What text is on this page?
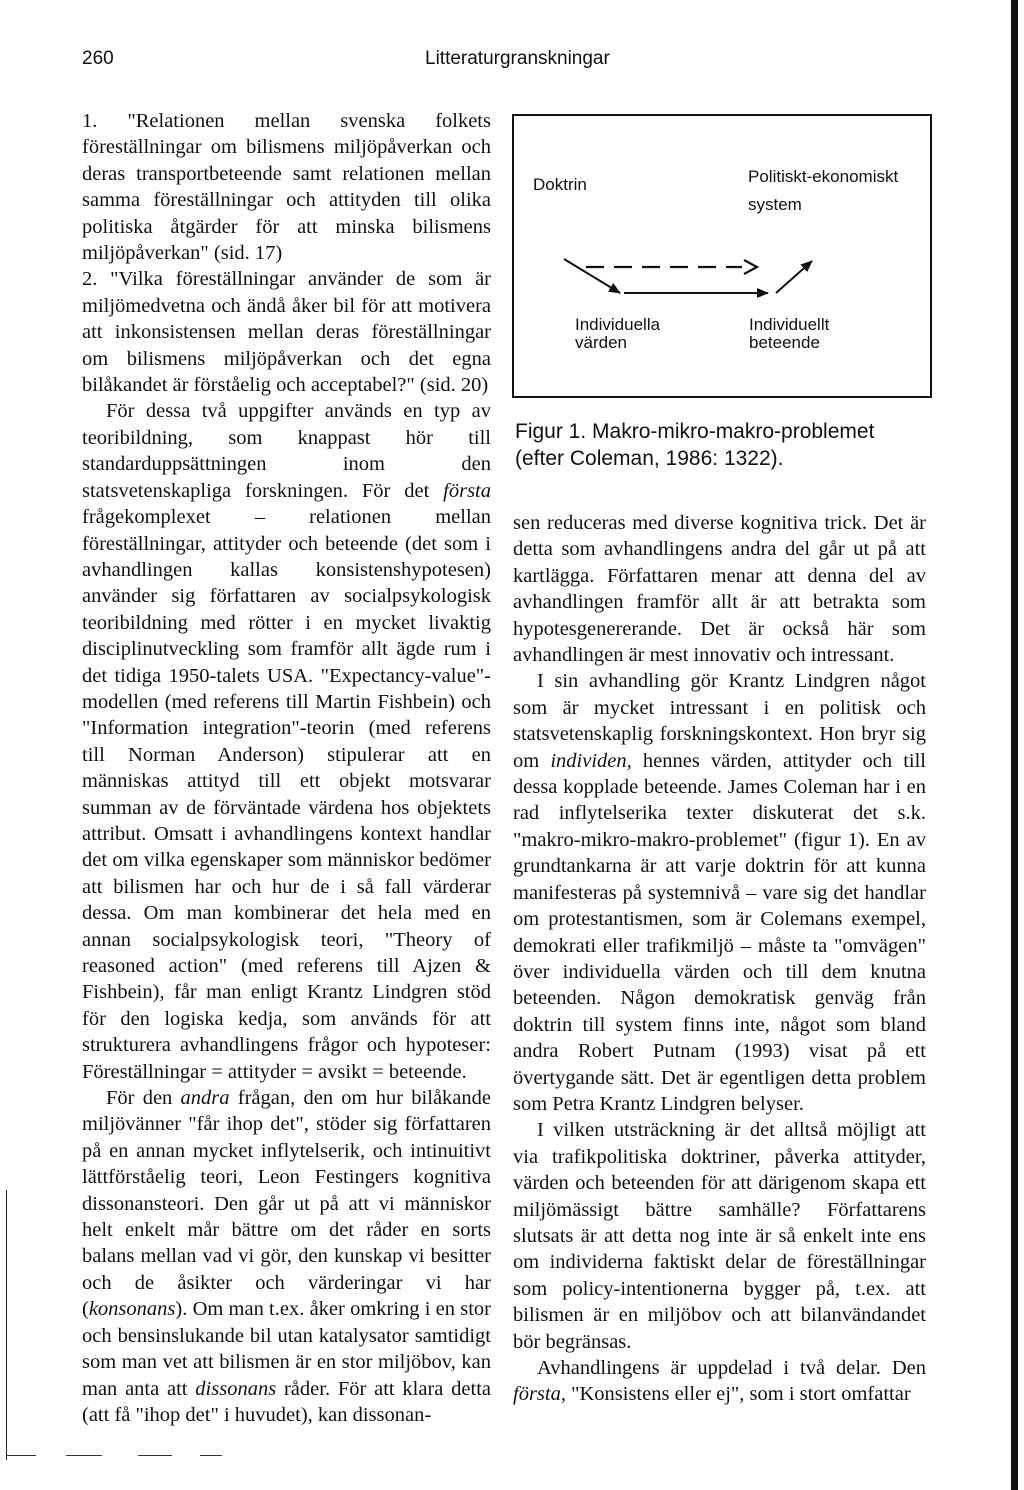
260	Litteraturgranskningar

1. "Relationen mellan svenska folkets föreställningar om bilismens miljöpåverkan och deras transportbeteende samt relationen mellan samma föreställningar och attityden till olika politiska åtgärder för att minska bilismens miljöpåverkan" (sid. 17)

2. "Vilka föreställningar använder de som är miljömedvetna och ändå åker bil för att motivera att inkonsistensen mellan deras föreställningar om bilismens miljöpåverkan och det egna bilåkandet är förståelig och acceptabel?" (sid. 20)

För dessa två uppgifter används en typ av teoribildning, som knappast hör till standarduppsättningen inom den statsvetenskapliga forskningen. För det första frågekomplexet – relationen mellan föreställningar, attityder och beteende (det som i avhandlingen kallas konsistenshypotesen) använder sig författaren av socialpsykologisk teoribildning med rötter i en mycket livaktig disciplinutveckling som framför allt ägde rum i det tidiga 1950-talets USA. "Expectancy-value"-modellen (med referens till Martin Fishbein) och "Information integration"-teorin (med referens till Norman Anderson) stipulerar att en människas attityd till ett objekt motsvarar summan av de förväntade värdena hos objektets attribut. Omsatt i avhandlingens kontext handlar det om vilka egenskaper som människor bedömer att bilismen har och hur de i så fall värderar dessa. Om man kombinerar det hela med en annan socialpsykologisk teori, "Theory of reasoned action" (med referens till Ajzen & Fishbein), får man enligt Krantz Lindgren stöd för den logiska kedja, som används för att strukturera avhandlingens frågor och hypoteser: Föreställningar = attityder = avsikt = beteende.

För den andra frågan, den om hur bilåkande miljövänner "får ihop det", stöder sig författaren på en annan mycket inflytelserik, och intinuitivt lättförståelig teori, Leon Festingers kognitiva dissonansteori. Den går ut på att vi människor helt enkelt mår bättre om det råder en sorts balans mellan vad vi gör, den kunskap vi besitter och de åsikter och värderingar vi har (konsonans). Om man t.ex. åker omkring i en stor och bensinslukande bil utan katalysator samtidigt som man vet att bilismen är en stor miljöbov, kan man anta att dissonans råder. För att klara detta (att få "ihop det" i huvudet), kan dissonan-

Doktrin	Politiskt-ekonomiskt
system
Individuella
värden
Individuellt
beteende
Figur 1. Makro-mikro-makro-problemet
(efter Coleman, 1986: 1322).

sen reduceras med diverse kognitiva trick. Det är detta som avhandlingens andra del går ut på att kartlägga. Författaren menar att denna del av avhandlingen framför allt är att betrakta som hypotesgenererande. Det är också här som avhandlingen är mest innovativ och intressant.

I sin avhandling gör Krantz Lindgren något som är mycket intressant i en politisk och statsvetenskaplig forskningskontext. Hon bryr sig om individen, hennes värden, attityder och till dessa kopplade beteende. James Coleman har i en rad inflytelserika texter diskuterat det s.k. "makro-mikro-makro-problemet" (figur 1). En av grundtankarna är att varje doktrin för att kunna manifesteras på systemnivå – vare sig det handlar om protestantismen, som är Colemans exempel, demokrati eller trafikmiljö – måste ta "omvägen" över individuella värden och till dem knutna beteenden. Någon demokratisk genväg från doktrin till system finns inte, något som bland andra Robert Putnam (1993) visat på ett övertygande sätt. Det är egentligen detta problem som Petra Krantz Lindgren belyser.

I vilken utsträckning är det alltså möjligt att via trafikpolitiska doktriner, påverka attityder, värden och beteenden för att därigenom skapa ett miljömässigt bättre samhälle? Författarens slutsats är att detta nog inte är så enkelt inte ens om individerna faktiskt delar de föreställningar som policy-intentionerna bygger på, t.ex. att bilismen är en miljöbov och att bilanvändandet bör begränsas.

Avhandlingens är uppdelad i två delar. Den första, "Konsistens eller ej", som i stort omfattar
